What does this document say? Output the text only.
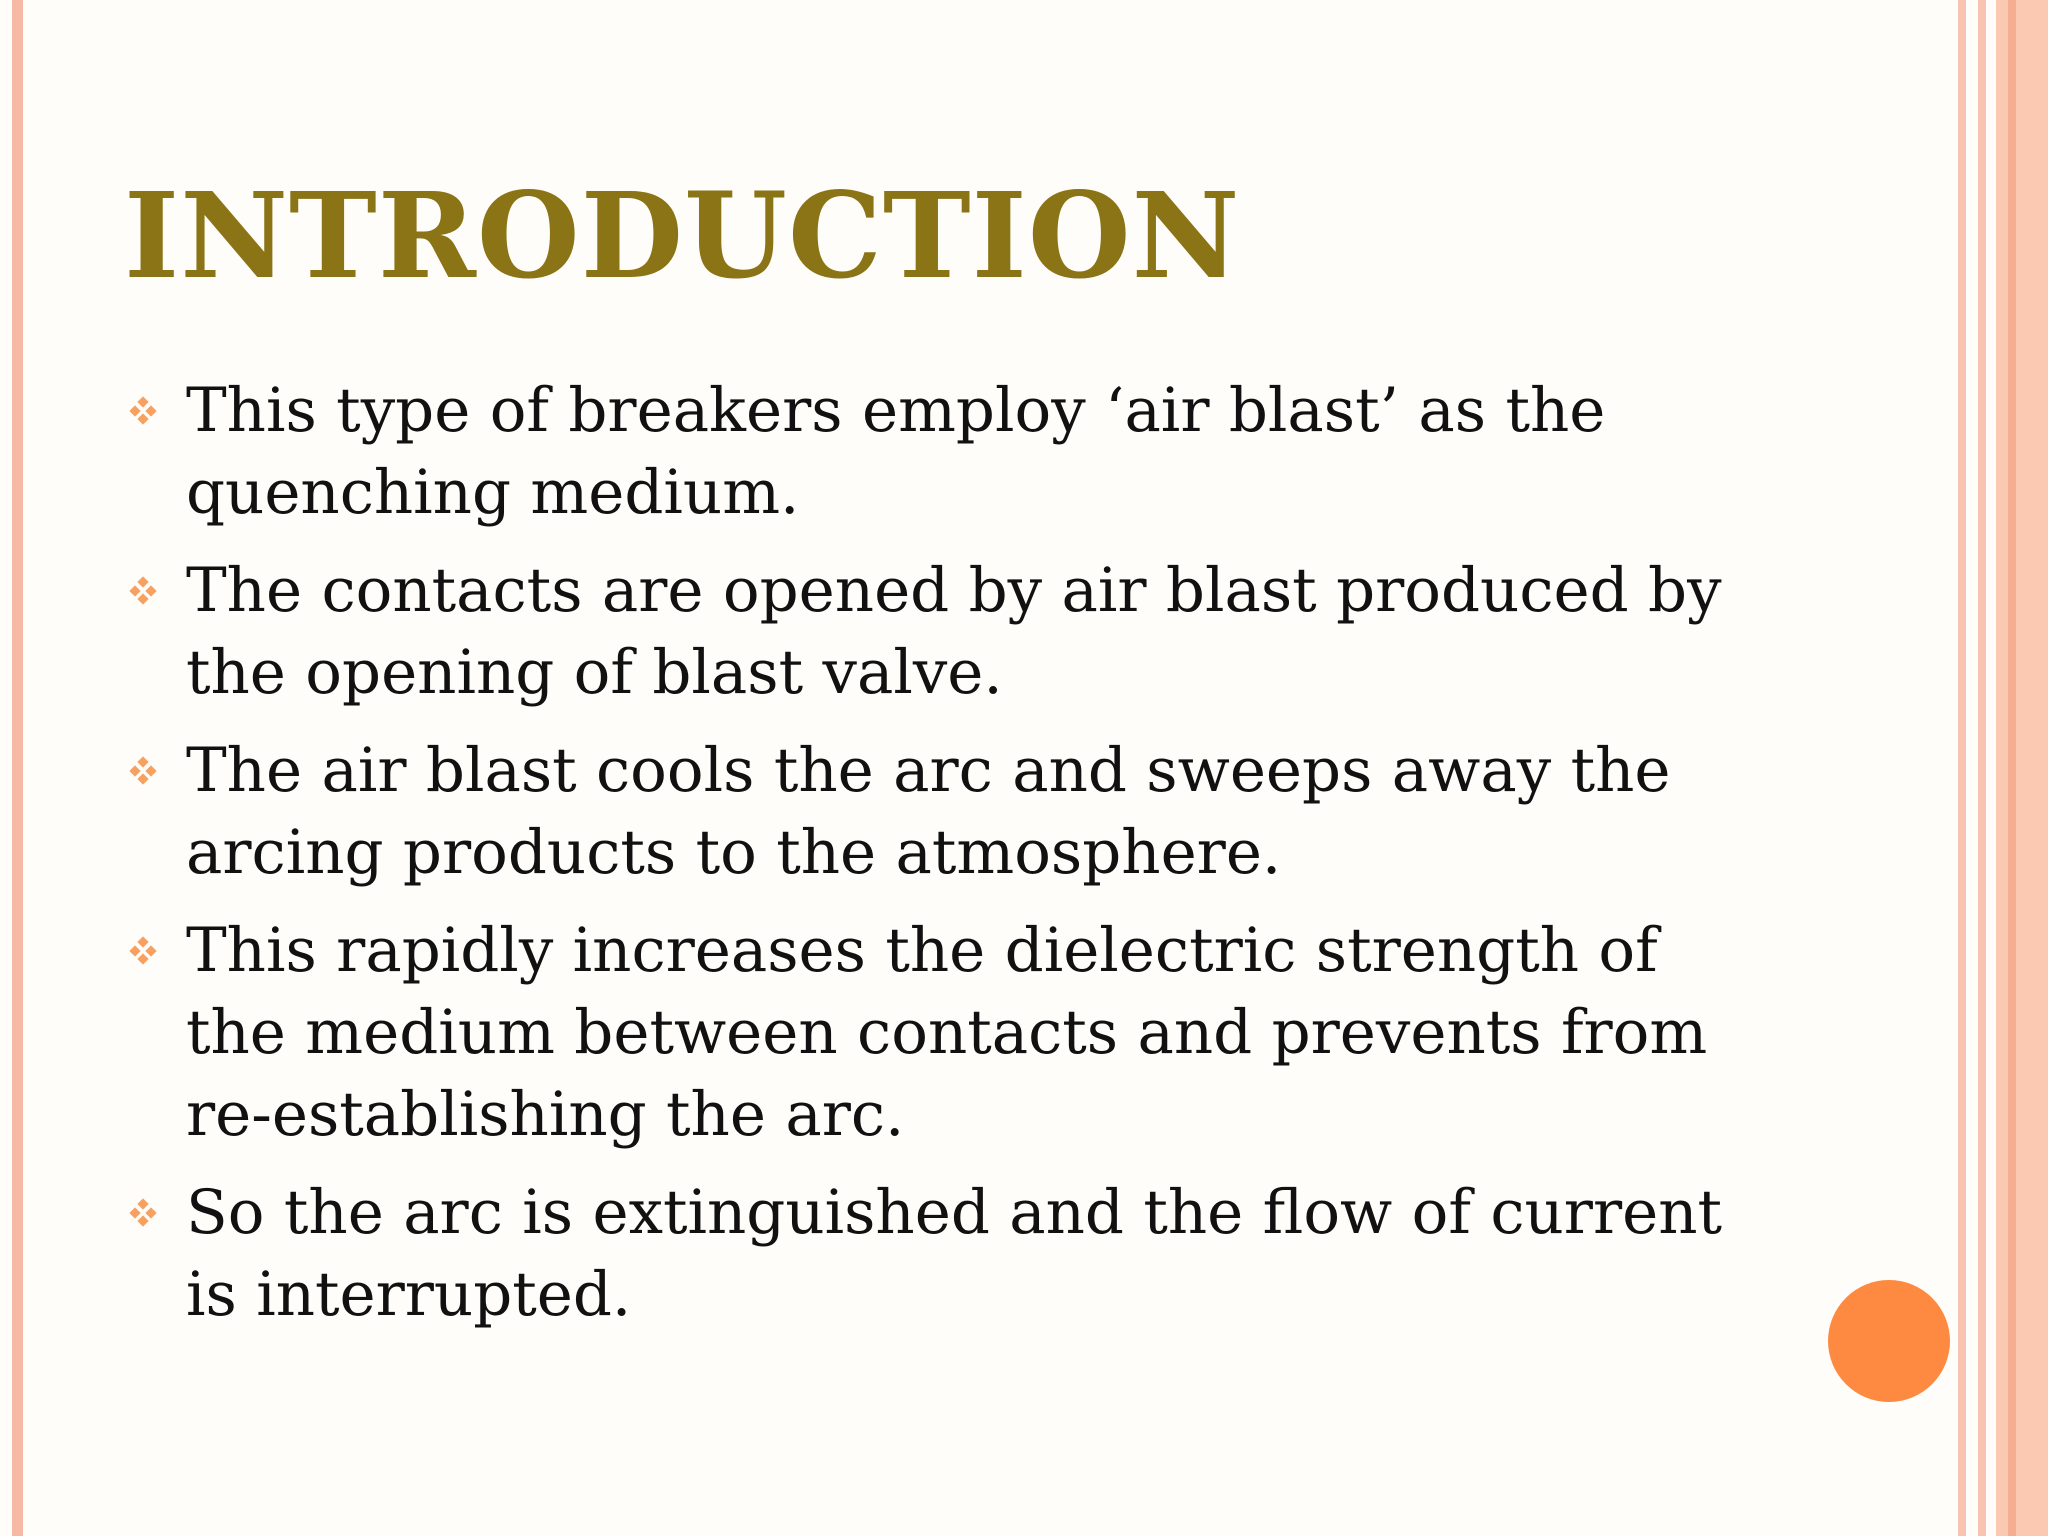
INTRODUCTION
This type of breakers employ ‘air blast’ as the quenching medium.
The contacts are opened by air blast produced by the opening of blast valve.
The air blast cools the arc and sweeps away the arcing products to the atmosphere.
This rapidly increases the dielectric strength of the medium between contacts and prevents from re-establishing the arc.
So the arc is extinguished and the flow of current is interrupted.
